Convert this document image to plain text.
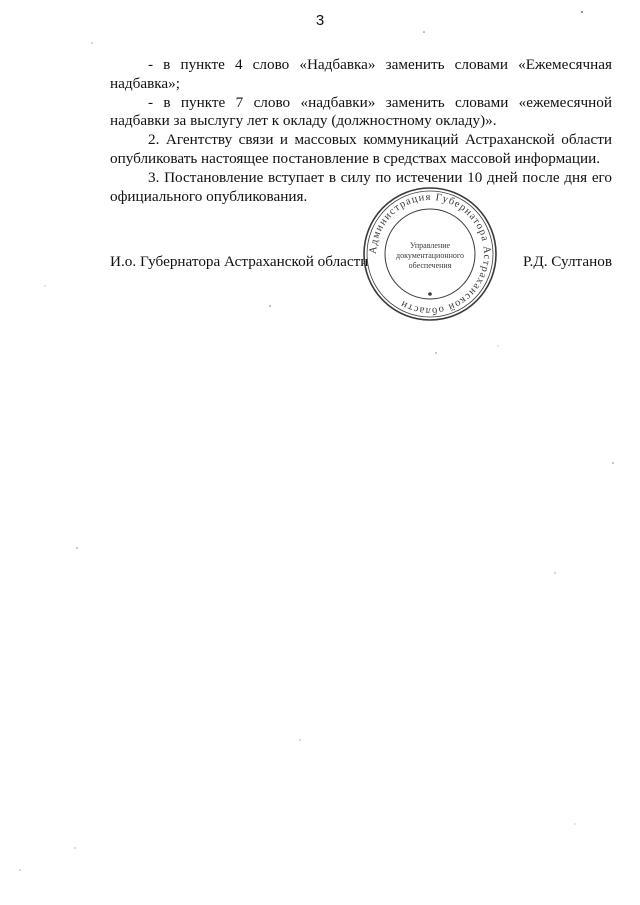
3

- в пункте 4 слово «Надбавка» заменить словами «Ежемесячная надбавка»;

- в пункте 7 слово «надбавки» заменить словами «ежемесячной надбавки за выслугу лет к окладу (должностному окладу)».

2. Агентству связи и массовых коммуникаций Астраханской области опубликовать настоящее постановление в средствах массовой информации.

3. Постановление вступает в силу по истечении 10 дней после дня его официального опубликования.

И.о. Губернатора Астраханской области	Р.Д. Султанов
Администрация Губернатора Астраханской области
Управление
документационного
обеспечения
